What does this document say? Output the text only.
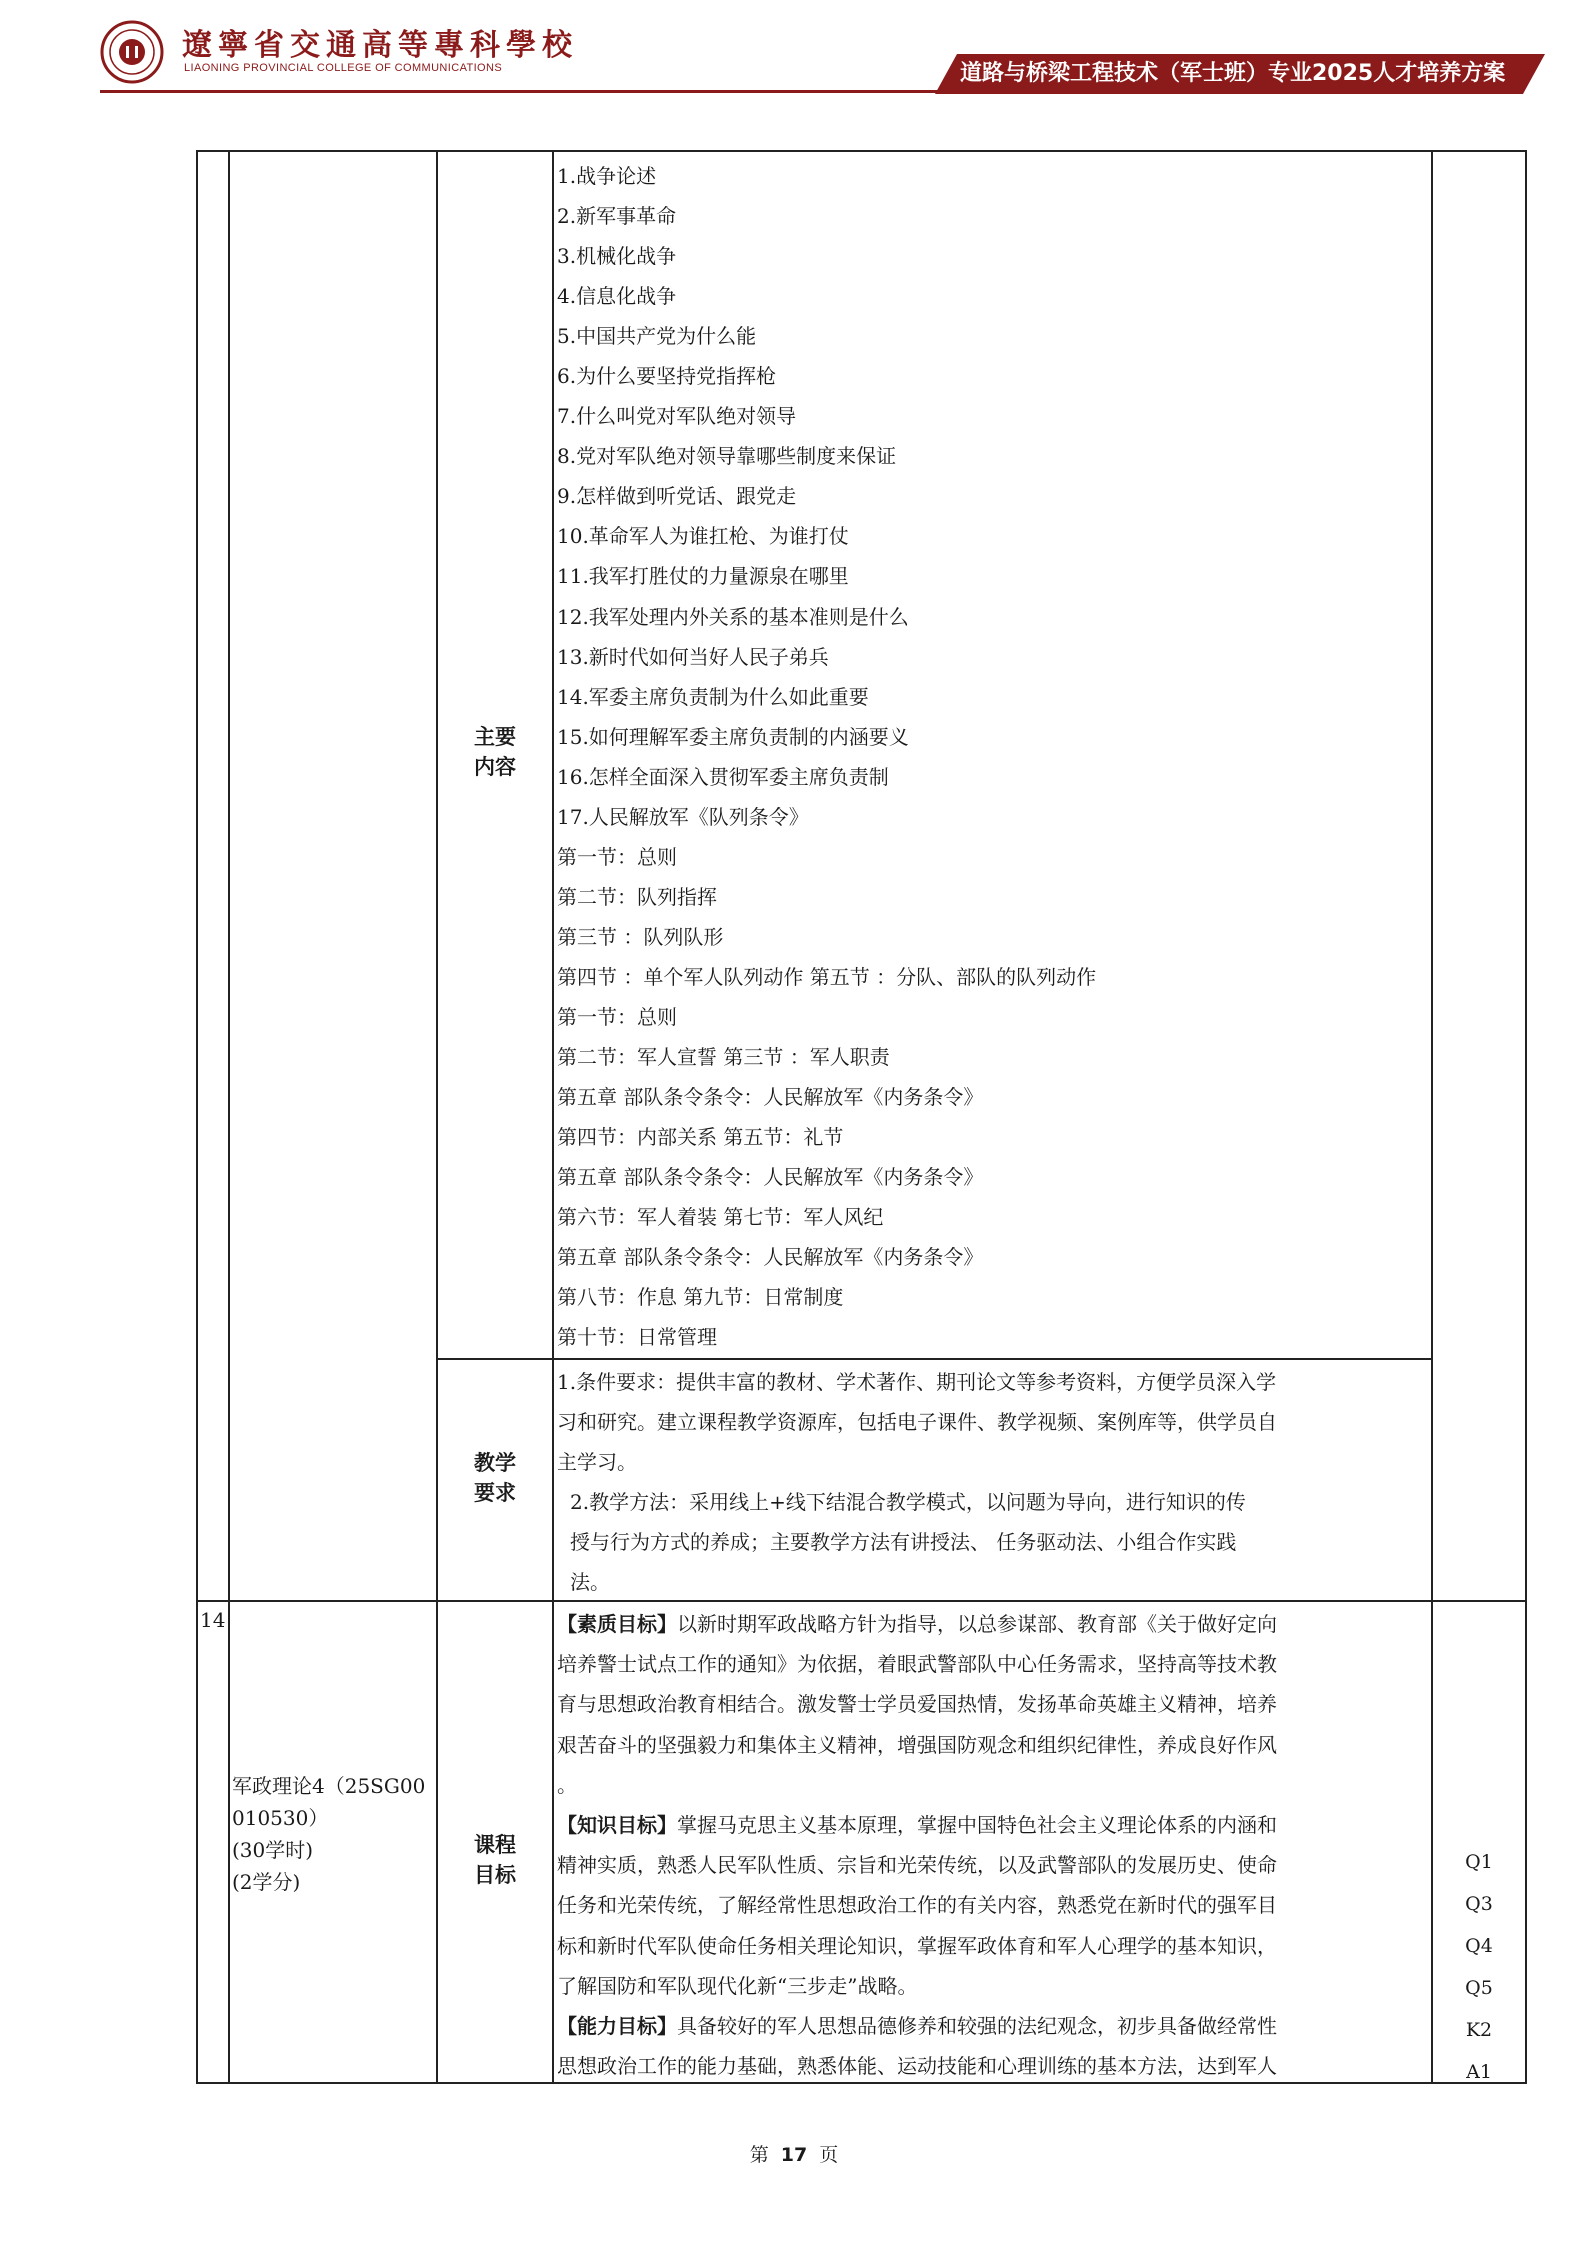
遼寧省交通高等專科學校
LIAONING PROVINCIAL COLLEGE OF COMMUNICATIONS	道路与桥梁工程技术（军士班）专业2025人才培养方案
主要
内容
1.战争论述
2.新军事革命
3.机械化战争
4.信息化战争
5.中国共产党为什么能
6.为什么要坚持党指挥枪
7.什么叫党对军队绝对领导
8.党对军队绝对领导靠哪些制度来保证
9.怎样做到听党话、跟党走
10.革命军人为谁扛枪、为谁打仗
11.我军打胜仗的力量源泉在哪里
12.我军处理内外关系的基本准则是什么
13.新时代如何当好人民子弟兵
14.军委主席负责制为什么如此重要
15.如何理解军委主席负责制的内涵要义
16.怎样全面深入贯彻军委主席负责制
17.人民解放军《队列条令》
第一节：总则
第二节：队列指挥
第三节 ：队列队形
第四节 ：单个军人队列动作 第五节 ：分队、部队的队列动作
第一节：总则
第二节：军人宣誓 第三节 ：军人职责
第五章 部队条令条令：人民解放军《内务条令》
第四节：内部关系 第五节：礼节
第五章 部队条令条令：人民解放军《内务条令》
第六节：军人着装 第七节：军人风纪
第五章 部队条令条令：人民解放军《内务条令》
第八节：作息 第九节：日常制度
第十节：日常管理
教学
要求
1.条件要求：提供丰富的教材、学术著作、期刊论文等参考资料，方便学员深入学
习和研究。建立课程教学资源库，包括电子课件、教学视频、案例库等，供学员自
主学习。
2.教学方法：采用线上+线下结混合教学模式，以问题为导向，进行知识的传
授与行为方式的养成；主要教学方法有讲授法、 任务驱动法、小组合作实践
法。
14
军政理论4（25SG00
010530）
(30学时)
(2学分)
课程
目标
【素质目标】以新时期军政战略方针为指导，以总参谋部、教育部《关于做好定向
培养警士试点工作的通知》为依据，着眼武警部队中心任务需求，坚持高等技术教
育与思想政治教育相结合。激发警士学员爱国热情，发扬革命英雄主义精神，培养
艰苦奋斗的坚强毅力和集体主义精神，增强国防观念和组织纪律性，养成良好作风
。
【知识目标】掌握马克思主义基本原理，掌握中国特色社会主义理论体系的内涵和
精神实质，熟悉人民军队性质、宗旨和光荣传统，以及武警部队的发展历史、使命
任务和光荣传统，了解经常性思想政治工作的有关内容，熟悉党在新时代的强军目
标和新时代军队使命任务相关理论知识，掌握军政体育和军人心理学的基本知识，
了解国防和军队现代化新“三步走”战略。
【能力目标】具备较好的军人思想品德修养和较强的法纪观念，初步具备做经常性
思想政治工作的能力基础，熟悉体能、运动技能和心理训练的基本方法，达到军人
Q1
Q3
Q4
Q5
K2
A1
第 17 页
